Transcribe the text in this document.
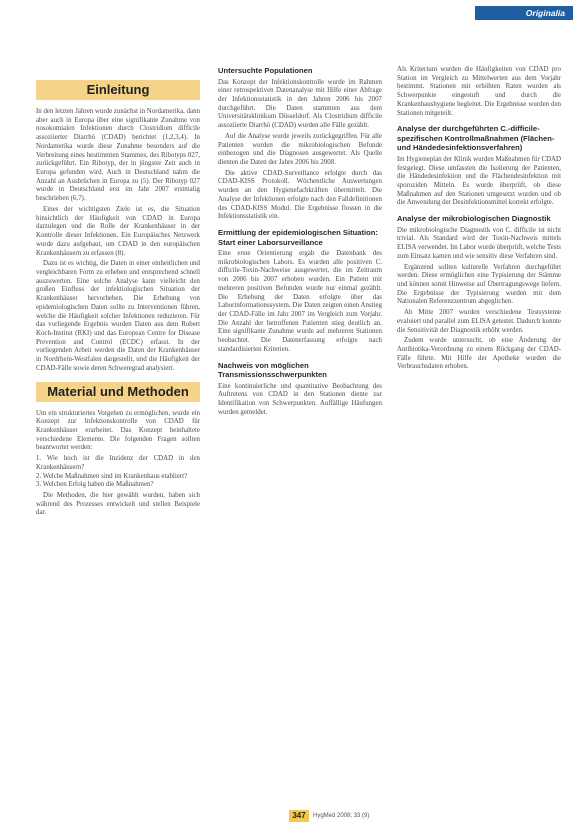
Originalia
Einleitung

In den letzten Jahren wurde zunächst in Nordamerika, dann aber auch in Europa über eine signifikante Zunahme von nosokomialen Infektionen durch Clostridium difficile assoziierter Diarrhö (CDAD) berichtet (1,2,3,4). In Nordamerika wurde diese Zunahme besonders auf die Verbreitung eines bestimmten Stammes, des Ribotyps 027, zurückgeführt. Ein Ribotyp, der in jüngster Zeit auch in Europa gefunden wird. Auch in Deutschland nahm die Anzahl an Ausbrüchen in Europa zu (5). Der Ribotyp 027 wurde in Deutschland erst im Jahr 2007 erstmalig beschrieben (6,7).

Eines der wichtigsten Ziele ist es, die Situation hinsichtlich der Häufigkeit von CDAD in Europa darzulegen und die Rolle der Krankenhäuser in der Kontrolle dieser Infektionen. Ein Europäisches Netzwerk wurde dazu aufgebaut, um CDAD in den europäischen Krankenhäusern zu erfassen (8).

Dazu ist es wichtig, die Daten in einer einheitlichen und vergleichbaren Form zu erheben und entsprechend schnell auszuwerten. Eine solche Analyse kann vielleicht den großen Einfluss der infektiologischen Situation der Krankenhäuser hervorheben. Die Erhebung von epidemiologischen Daten sollte zu Interventionen führen, welche die Häufigkeit solcher Infektionen reduzieren. Für das vorliegende Ergebnis wurden Daten aus dem Robert Koch-Institut (RKI) und das European Centre for Disease Prevention and Control (ECDC) erfasst. In der vorliegenden Arbeit werden die Daten der Krankenhäuser in Nordrhein-Westfalen dargestellt, und die Häufigkeit der CDAD-Fälle sowie deren Schweregrad analysiert.

Material und Methoden

Um ein strukturiertes Vorgehen zu ermöglichen, wurde ein Konzept zur Infektionskontrolle von CDAD für Krankenhäuser erarbeitet. Das Konzept beinhaltete verschiedene Elemente. Die folgenden Fragen sollten beantwortet werden:

1. Wie hoch ist die Inzidenz der CDAD in den Krankenhäusern?
2. Welche Maßnahmen sind im Krankenhaus etabliert?
3. Welchen Erfolg haben die Maßnahmen?

Die Methoden, die hier gewählt wurden, haben sich während des Prozesses entwickelt und stellen Beispiele dar.

Untersuchte Populationen

Das Konzept der Infektionskontrolle wurde im Rahmen einer retrospektiven Datenanalyse mit Hilfe einer Abfrage der Infektionsstatistik in den Jahren 2006 bis 2007 durchgeführt. Die Daten stammten aus dem Universitätsklinikum Düsseldorf. Als Clostridium difficile assoziierte Diarrhö (CDAD) wurden alle Fälle gezählt.

Auf die Analyse wurde jeweils zurückgegriffen. Für alle Patienten wurden die mikrobiologischen Befunde einbezogen und die Diagnosen ausgewertet. Als Quelle dienten die Daten der Jahre 2006 bis 2008.

Die aktive CDAD-Surveillance erfolgte durch das CDAD-KISS Protokoll. Wöchentliche Auswertungen wurden an den Hygienefachkräften übermittelt. Die Analyse der Infektionen erfolgte nach den Falldefinitionen des CDAD-KISS Modul. Die Ergebnisse flossen in die Infektionsstatistik ein.

Ermittlung der epidemiologischen Situation: Start einer Laborsurveillance

Eine erste Orientierung ergab die Datenbank des mikrobiologischen Labors. Es wurden alle positiven C. difficile-Toxin-Nachweise ausgewertet, die im Zeitraum von 2006 bis 2007 erhoben wurden. Ein Patient mit mehreren positiven Befunden wurde nur einmal gezählt. Die Erhebung der Daten erfolgte über das Laborinformationssystem. Die Daten zeigten einen Anstieg der CDAD-Fälle im Jahr 2007 im Vergleich zum Vorjahr. Die Anzahl der betroffenen Patienten stieg deutlich an. Eine signifikante Zunahme wurde auf mehreren Stationen beobachtet. Die Datenerfassung erfolgte nach standardisierten Kriterien.

Nachweis von möglichen Transmissionsschwerpunkten

Eine kontinuierliche und quantitative Beobachtung des Auftretens von CDAD in den Stationen diente zur Identifikation von Schwerpunkten. Auffällige Häufungen wurden gemeldet.

Als Kriterium wurden die Häufigkeiten von CDAD pro Station im Vergleich zu Mittelwerten aus dem Vorjahr bestimmt. Stationen mit erhöhten Raten wurden als Schwerpunkte eingestuft und durch die Krankenhaushygiene begleitet. Die Ergebnisse wurden den Stationen mitgeteilt.

Analyse der durchgeführten C.-difficile-spezifischen Kontrollmaßnahmen (Flächen- und Händedesinfektionsverfahren)

Im Hygieneplan der Klinik wurden Maßnahmen für CDAD festgelegt. Diese umfassten die Isolierung der Patienten, die Händedesinfektion und die Flächendesinfektion mit sporoziden Mitteln. Es wurde überprüft, ob diese Maßnahmen auf den Stationen umgesetzt wurden und ob die Anwendung der Desinfektionsmittel korrekt erfolgte.

Analyse der mikrobiologischen Diagnostik

Die mikrobiologische Diagnostik von C. difficile ist nicht trivial. Als Standard wird der Toxin-Nachweis mittels ELISA verwendet. Im Labor wurde überprüft, welche Tests zum Einsatz kamen und wie sensitiv diese Verfahren sind.

Ergänzend sollten kulturelle Verfahren durchgeführt werden. Diese ermöglichen eine Typisierung der Stämme und können somit Hinweise auf Übertragungswege liefern. Die Ergebnisse der Typisierung wurden mit dem Nationalen Referenzzentrum abgeglichen.

Ab Mitte 2007 wurden verschiedene Testsysteme evaluiert und parallel zum ELISA getestet. Dadurch konnte die Sensitivität der Diagnostik erhöht werden.

Zudem wurde untersucht, ob eine Änderung der Antibiotika-Verordnung zu einem Rückgang der CDAD-Fälle führte. Mit Hilfe der Apotheke wurden die Verbrauchsdaten erhoben.

347	HygMed 2008; 33 (9)
